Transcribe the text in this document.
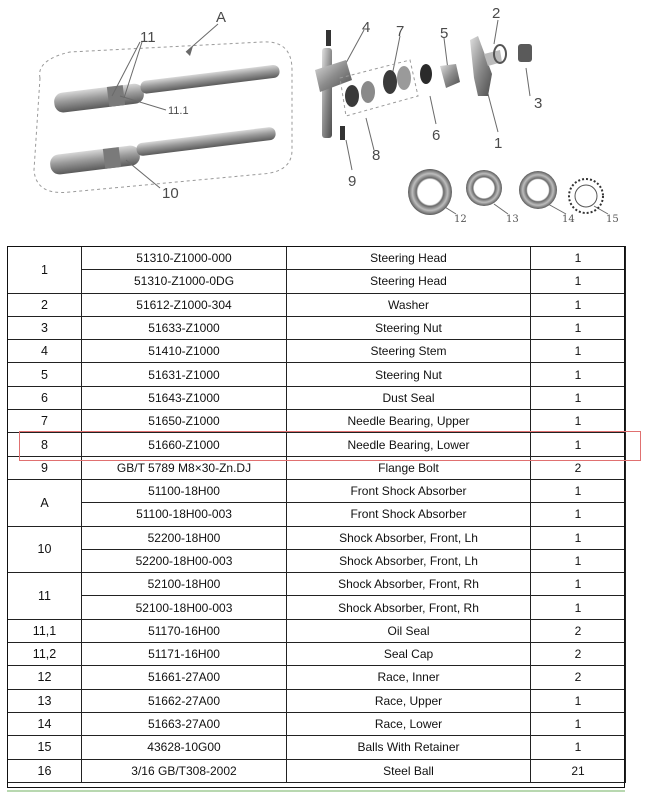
A
11
11.1
10
4 7 5
2
3
6
8
1
9
12	13	14	15
1	51310-Z1000-000	Steering Head	1
	51310-Z1000-0DG	Steering Head	1
2	51612-Z1000-304	Washer	1
3	51633-Z1000	Steering Nut	1
4	51410-Z1000	Steering Stem	1
5	51631-Z1000	Steering Nut	1
6	51643-Z1000	Dust Seal	1
7	51650-Z1000	Needle Bearing, Upper	1
8	51660-Z1000	Needle Bearing, Lower	1
9	GB/T 5789 M8×30-Zn.DJ	Flange Bolt	2
A	51100-18H00	Front Shock Absorber	1
	51100-18H00-003	Front Shock Absorber	1
10	52200-18H00	Shock Absorber, Front, Lh	1
	52200-18H00-003	Shock Absorber, Front, Lh	1
11	52100-18H00	Shock Absorber, Front, Rh	1
	52100-18H00-003	Shock Absorber, Front, Rh	1
11,1	51170-16H00	Oil Seal	2
11,2	51171-16H00	Seal Cap	2
12	51661-27A00	Race, Inner	2
13	51662-27A00	Race, Upper	1
14	51663-27A00	Race, Lower	1
15	43628-10G00	Balls With Retainer	1
16	3/16 GB/T308-2002	Steel Ball	21
